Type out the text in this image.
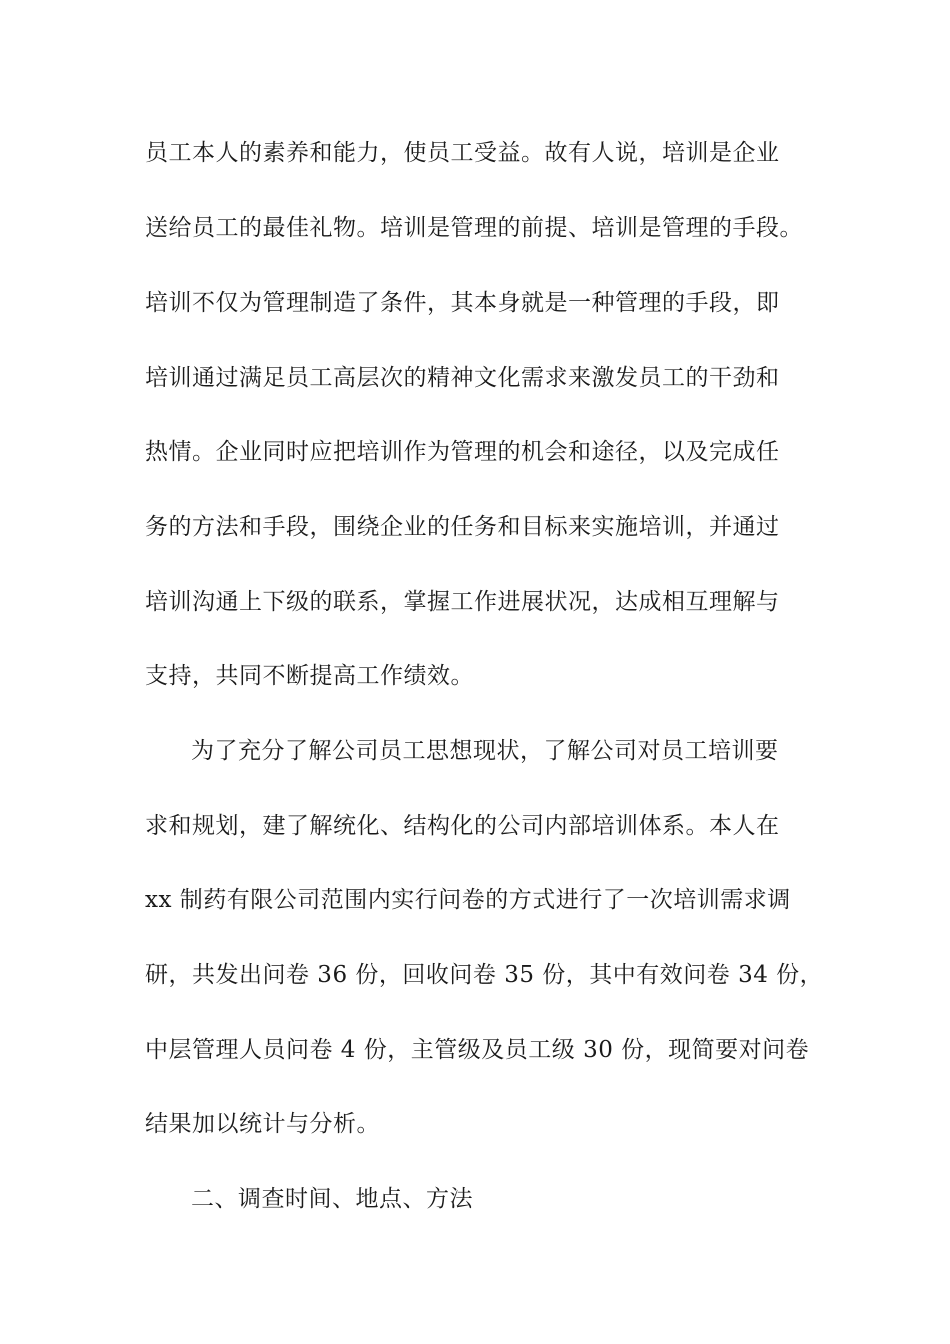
员工本人的素养和能力，使员工受益。故有人说，培训是企业

送给员工的最佳礼物。培训是管理的前提、培训是管理的手段。

培训不仅为管理制造了条件，其本身就是一种管理的手段，即

培训通过满足员工高层次的精神文化需求来激发员工的干劲和

热情。企业同时应把培训作为管理的机会和途径，以及完成任

务的方法和手段，围绕企业的任务和目标来实施培训，并通过

培训沟通上下级的联系，掌握工作进展状况，达成相互理解与

支持，共同不断提高工作绩效。

为了充分了解公司员工思想现状，了解公司对员工培训要

求和规划，建了解统化、结构化的公司内部培训体系。本人在

xx 制药有限公司范围内实行问卷的方式进行了一次培训需求调

研，共发出问卷 36 份，回收问卷 35 份，其中有效问卷 34 份，

中层管理人员问卷 4 份，主管级及员工级 30 份，现简要对问卷

结果加以统计与分析。

二、调查时间、地点、方法
